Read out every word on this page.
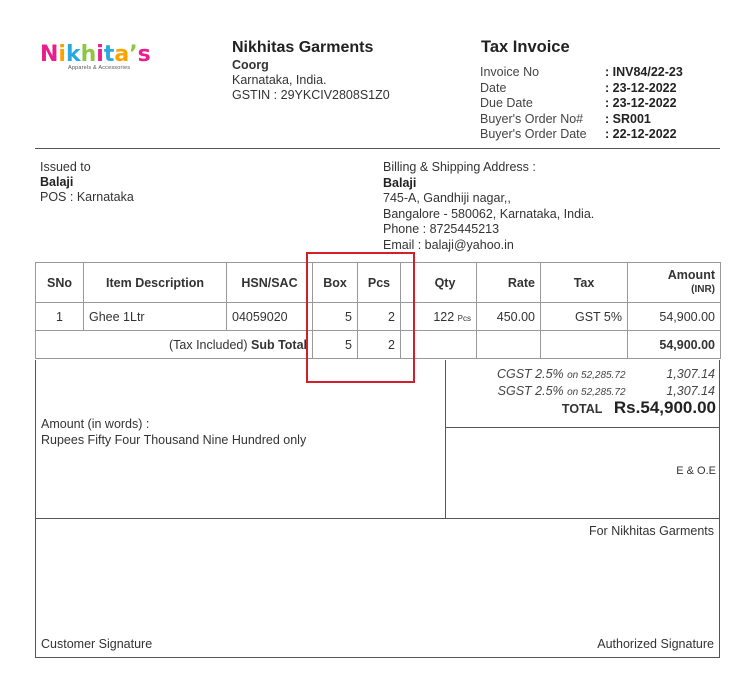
Nikhita’s
Apparels & Accessories
Nikhitas Garments
Coorg
Karnataka, India.
GSTIN : 29YKCIV2808S1Z0
Tax Invoice
Invoice No	: INV84/22-23
Date	: 23-12-2022
Due Date	: 23-12-2022
Buyer's Order No#	: SR001
Buyer's Order Date	: 22-12-2022
Issued to
Balaji
POS : Karnataka
Billing & Shipping Address :
Balaji
745-A, Gandhiji nagar,,
Bangalore - 580062, Karnataka, India.
Phone : 8725445213
Email : balaji@yahoo.in
SNo	Item Description	HSN/SAC	Box	Pcs		Qty	Rate	Tax	Amount
(INR)
1	Ghee 1Ltr	04059020	5	2		122 Pcs	450.00	GST 5%	54,900.00
(Tax Included) Sub Total			5	2					54,900.00
CGST 2.5% on 52,285.72	1,307.14
SGST 2.5% on 52,285.72	1,307.14
TOTAL Rs.54,900.00
E & O.E
Amount (in words) :
Rupees Fifty Four Thousand Nine Hundred only
For Nikhitas Garments
Customer Signature	Authorized Signature
